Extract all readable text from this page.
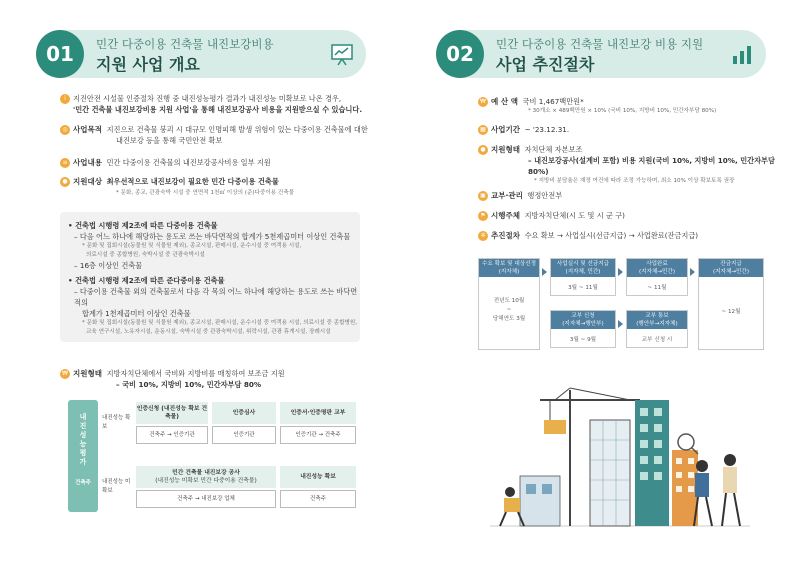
01	민간 다중이용 건축물 내진보강비용
지원 사업 개요
i 지진안전 시설물 인증절차 진행 중 내진성능평가 결과가 내진성능 미확보로 나온 경우,
'민간 건축물 내진보강비용 지원 사업'을 통해 내진보강공사 비용을 지원받으실 수 있습니다.
◎ 사업목적 지진으로 건축물 붕괴 시 대규모 인명피해 발생 위험이 있는 다중이용 건축물에 대한
내진보강 등을 통해 국민안전 확보
≡ 사업내용 민간 다중이용 건축물의 내진보강공사비용 일부 지원
● 지원대상 최우선적으로 내진보강이 필요한 민간 다중이용 건축물
* 문화, 종교, 관광숙박 시설 중 연면적 1천㎡ 이상의 (준)다중이용 건축물
• 건축법 시행령 제2조에 따른 다중이용 건축물
– 다음 어느 하나에 해당하는 용도로 쓰는 바닥면적의 합계가 5천제곱미터 이상인 건축물
* 문화 및 집회시설(동물원 및 식물원 제외), 종교시설, 판매시설, 운수시설 중 여객용 시설,
의료시설 중 종합병원, 숙박시설 중 관광숙박시설
– 16층 이상인 건축물
• 건축법 시행령 제2조에 따른 준다중이용 건축물
– 다중이용 건축물 외의 건축물로서 다음 각 목의 어느 하나에 해당하는 용도로 쓰는 바닥면적의
합계가 1천제곱미터 이상인 건축물
* 문화 및 집회시설(동물원 및 식물원 제외), 종교시설, 판매시설, 운수시설 중 여객용 시설, 의료시설 중 종합병원,
교육 연구시설, 노유자시설, 운동시설, 숙박시설 중 관광숙박시설, 위락시설, 관광 휴게시설, 장례시설
₩ 지원형태 지방자치단체에서 국비와 지방비를 매칭하여 보조금 지원
– 국비 10%, 지방비 10%, 민간자부담 80%
내진성능평가
건축주
내진성능 확보
내진성능 미확보
인증신청 (내진성능 확보 건축물)
건축주 → 인증기관
인증심사
인증기관
인증서·인증명판 교부
인증기관 → 건축주
민간 건축물 내진보강 공사
(내진성능 미확보 민간 다중이용 건축물)
건축주 → 내진보강 업체
내진성능 확보
건축주
02	민간 다중이용 건축물 내진보강 비용 지원
사업 추진절차
₩ 예 산 액 국비 1,467백만원*
* 30개소 × 489백만원 × 10% (국비 10%, 지방비 10%, 민간자부담 80%)
▦ 사업기간 ~ '23.12.31.
● 지원형태 자치단체 자본보조
– 내진보강공사(설계비 포함) 비용 지원(국비 10%, 지방비 10%, 민간자부담 80%)
* 지방비 분담율은 재정 여건에 따라 조정 가능하며, 최소 10% 이상 확보토록 권장
▣ 교부·관리 행정안전부
⚑ 시행주체 지방자치단체(시 도 및 시 군 구)
✲ 추진절차 수요 확보 → 사업실시(선금지급) → 사업완료(잔금지급)
수요 확보 및 대상선정
(지자체)
전년도 10월
~
당해연도 3월
사업실시 및 선금지급
(지자체, 민간)
3월 ~ 11월
사업완료
(지자체→민간)
~ 11월
잔금지급
(지자체→민간)
~ 12월
교부 신청
(지자체→행안부)
3월 ~ 9월
교부 통보
(행안부→지자체)
교부 신청 시
